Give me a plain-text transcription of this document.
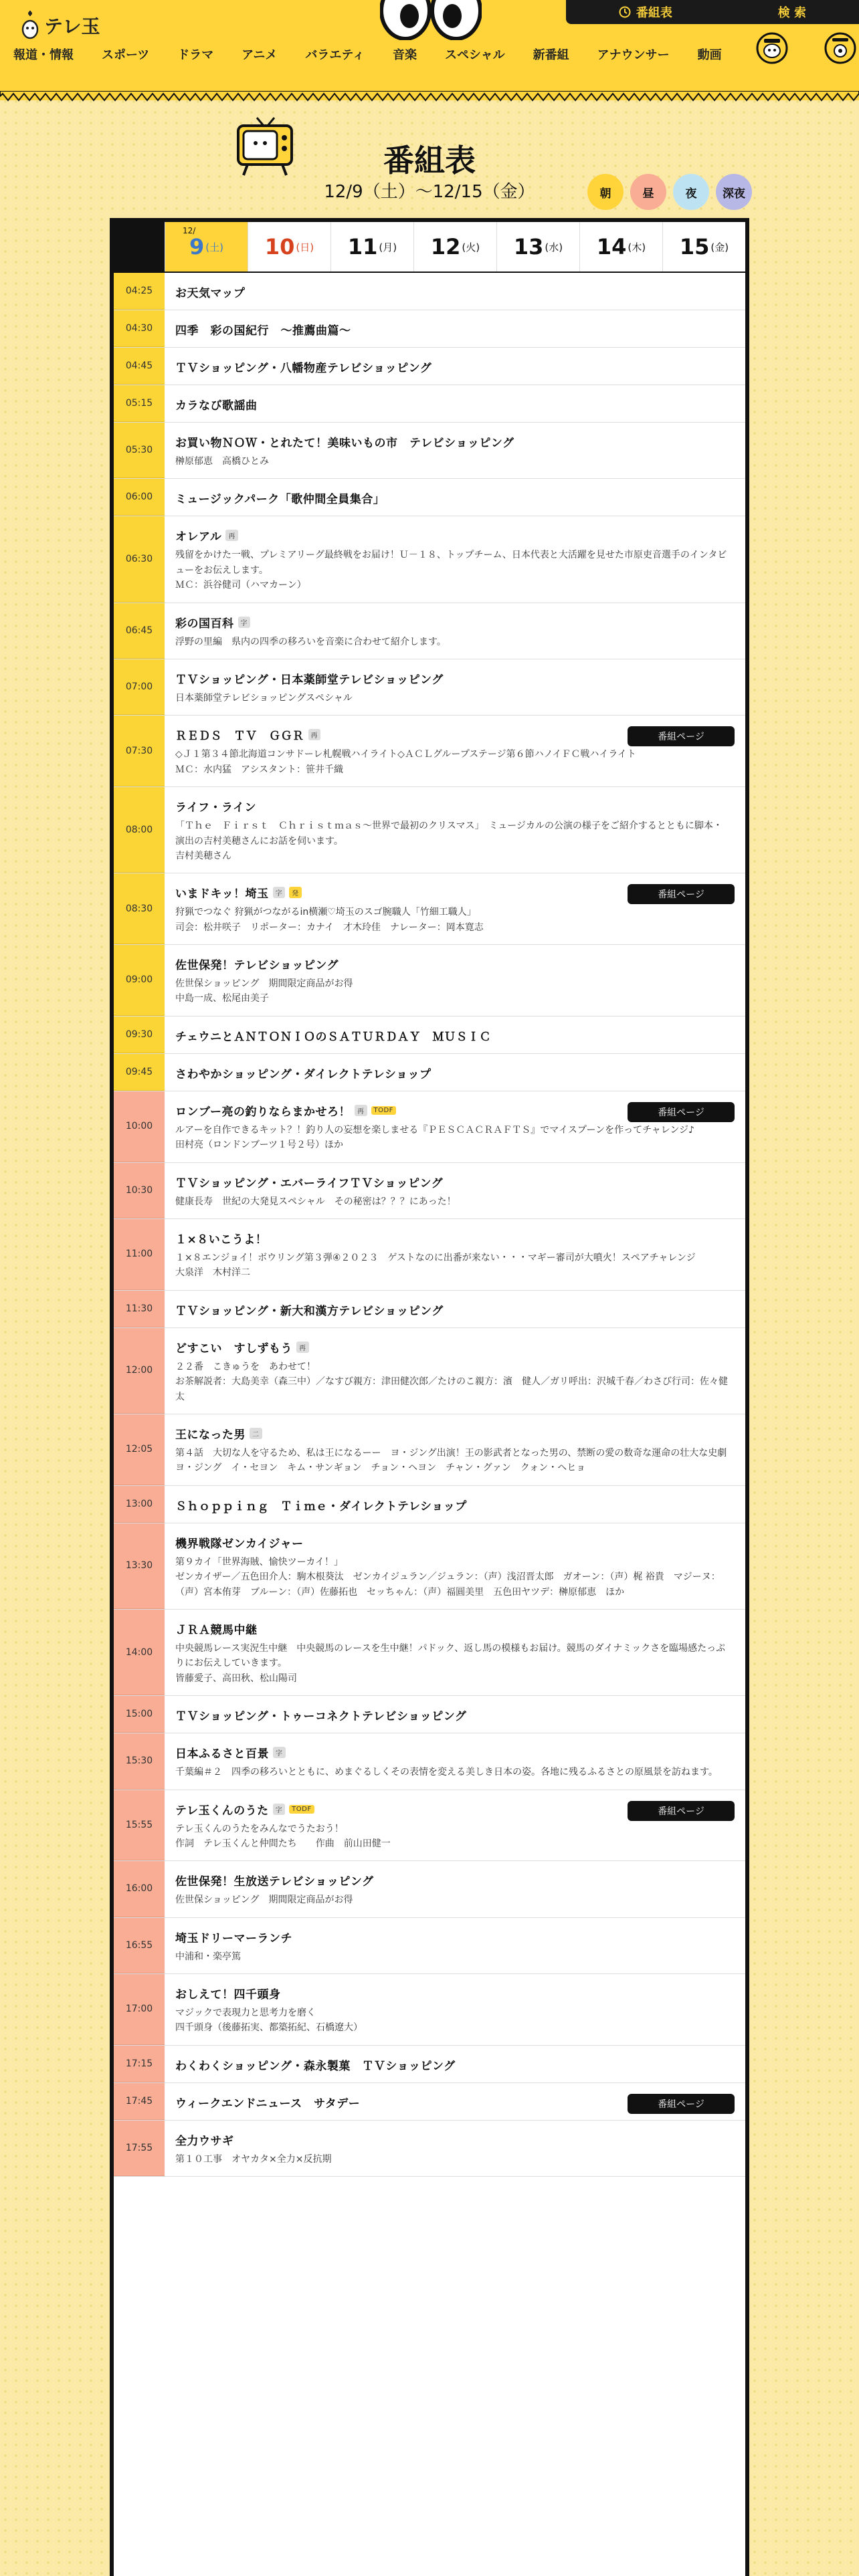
テレ玉
番組表	検 索
報道・情報 スポーツ ドラマ アニメ バラエティ 音楽 スペシャル 新番組 アナウンサー 動画
番組表
12/9（土）〜12/15（金）	朝	昼	夜	深夜
12/
9 (土) 10 (日) 11 (月) 12 (火) 13 (水) 14 (木) 15 (金)
04:25	お天気マップ
04:30	四季　彩の国紀行　〜推薦曲篇〜
04:45	ＴＶショッピング・八幡物産テレビショッピング
05:15	カラなび歌謡曲
05:30
お買い物ＮＯＷ・とれたて！美味いもの市　テレビショッピング
榊原郁恵　高橋ひとみ
06:00	ミュージックパーク「歌仲間全員集合」
06:30
オレアル	再
残留をかけた一戦、プレミアリーグ最終戦をお届け！Ｕ－１８、トップチーム、日本代表と大活躍を見せた市原吏音選手のインタビューをお伝えします。
ＭＣ：浜谷健司（ハマカーン）
06:45
彩の国百科	字
浮野の里編　県内の四季の移ろいを音楽に合わせて紹介します。
07:00
ＴＶショッピング・日本薬師堂テレビショッピング
日本薬師堂テレビショッピングスペシャル
07:30
ＲＥＤＳ　ＴＶ　ＧＧＲ	再
◇Ｊ１第３４節北海道コンサドーレ札幌戦ハイライト◇ＡＣＬグループステージ第６節ハノイＦＣ戦ハイライト
ＭＣ：水内猛　アシスタント：笹井千織
番組ページ
08:00
ライフ・ライン
「Ｔｈｅ　Ｆｉｒｓｔ　Ｃｈｒｉｓｔｍａｓ〜世界で最初のクリスマス」　ミュージカルの公演の様子をご紹介するとともに脚本・演出の吉村美穂さんにお話を伺います。
吉村美穂さん
08:30
いまドキッ！埼玉	字	発
狩猟でつなぐ 狩猟がつながるin横瀬♡埼玉のスゴ腕職人「竹細工職人」
司会：松井咲子　リポーター：カナイ　才木玲佳　ナレーター：岡本寛志
番組ページ
09:00
佐世保発！テレビショッピング
佐世保ショッピング　期間限定商品がお得
中島一成、松尾由美子
09:30	チェウニとＡＮＴＯＮＩＯのＳＡＴＵＲＤＡＹ　ＭＵＳＩＣ
09:45	さわやかショッピング・ダイレクトテレショップ
10:00
ロンブー亮の釣りならまかせろ！	再	TODF
ルアーを自作できるキット？！釣り人の妄想を楽しませる『ＰＥＳＣＡＣＲＡＦＴＳ』でマイスプーンを作ってチャレンジ♪
田村亮（ロンドンブーツ１号２号）ほか
番組ページ
10:30
ＴＶショッピング・エバーライフＴＶショッピング
健康長寿　世紀の大発見スペシャル　その秘密は？？？にあった！
11:00
１×８いこうよ！
１×８エンジョイ！ボウリング第３弾④２０２３　ゲストなのに出番が来ない・・・マギー審司が大噴火！スペアチャレンジ
大泉洋　木村洋二
11:30	ＴＶショッピング・新大和漢方テレビショッピング
12:00
どすこい　すしずもう	再
２２番　こきゅうを　あわせて！
お茶解説者：大島美幸（森三中）／なすび親方：津田健次郎／たけのこ親方：濱　健人／ガリ呼出：沢城千春／わさび行司：佐々健太
12:05
王になった男	二
第４話　大切な人を守るため、私は王になるーー　ヨ・ジング出演！王の影武者となった男の、禁断の愛の数奇な運命の壮大な史劇
ヨ・ジング　イ・セヨン　キム・サンギョン　チョン・ヘヨン　チャン・グァン　クォン・ヘヒョ
13:00	Ｓｈｏｐｐｉｎｇ　Ｔｉｍｅ・ダイレクトテレショップ
13:30
機界戦隊ゼンカイジャー
第９カイ「世界海賊、愉快ツーカイ！」
ゼンカイザー／五色田介人：駒木根葵汰　ゼンカイジュラン／ジュラン：（声）浅沼晋太郎　ガオーン：（声）梶 裕貴　マジーヌ：（声）宮本侑芽　ブルーン：（声）佐藤拓也　セッちゃん：（声）福圓美里　五色田ヤツデ：榊原郁恵　ほか
14:00
ＪＲＡ競馬中継
中央競馬レース実況生中継　中央競馬のレースを生中継！パドック、返し馬の模様もお届け。競馬のダイナミックさを臨場感たっぷりにお伝えしていきます。
皆藤愛子、高田秋、松山陽司
15:00	ＴＶショッピング・トゥーコネクトテレビショッピング
15:30
日本ふるさと百景	字
千葉編＃２　四季の移ろいとともに、めまぐるしくその表情を変える美しき日本の姿。各地に残るふるさとの原風景を訪ねます。
15:55
テレ玉くんのうた	字	TODF
テレ玉くんのうたをみんなでうたおう！
作詞　テレ玉くんと仲間たち　　作曲　前山田健一
番組ページ
16:00
佐世保発！生放送テレビショッピング
佐世保ショッピング　期間限定商品がお得
16:55
埼玉ドリーマーランチ
中浦和・楽亭篤
17:00
おしえて！四千頭身
マジックで表現力と思考力を磨く
四千頭身（後藤拓実、都築拓紀、石橋遼大）
17:15	わくわくショッピング・森永製菓　ＴＶショッピング
17:45	ウィークエンドニュース　サタデー	番組ページ
17:55
全力ウサギ
第１０工事　オヤカタ×全力×反抗期
